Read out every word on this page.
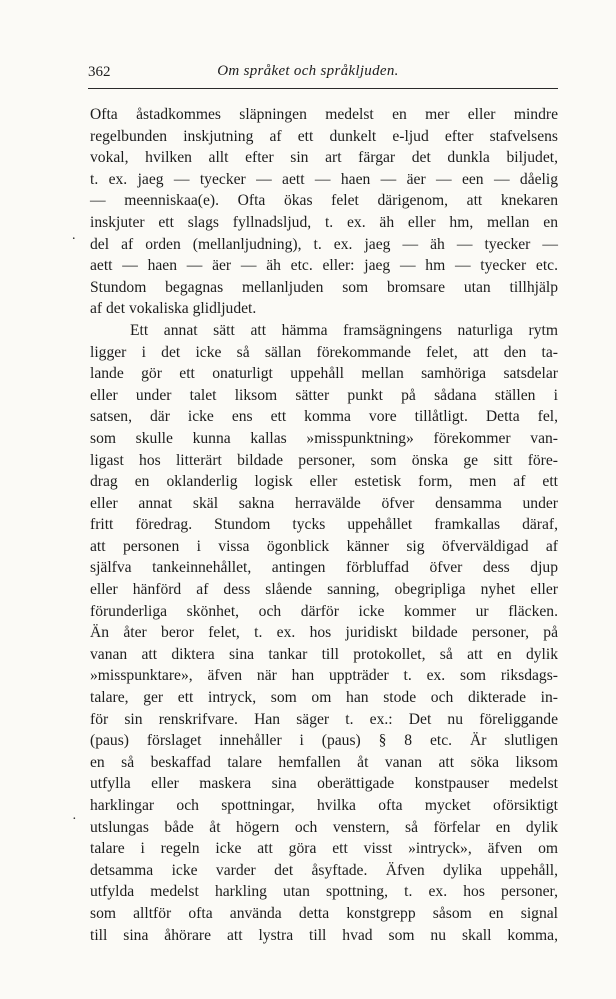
362	Om språket och språkljuden.
.
·
Ofta åstadkommes släpningen medelst en mer eller mindre
regelbunden inskjutning af ett dunkelt e-ljud efter stafvelsens
vokal, hvilken allt efter sin art färgar det dunkla biljudet,
t. ex. jaeg — tyecker — aett — haen — äer — een — dåelig
— meenniskaa(e). Ofta ökas felet därigenom, att knekaren
inskjuter ett slags fyllnadsljud, t. ex. äh eller hm, mellan en
del af orden (mellanljudning), t. ex. jaeg — äh — tyecker —
aett — haen — äer — äh etc. eller: jaeg — hm — tyecker etc.
Stundom begagnas mellanljuden som bromsare utan tillhjälp
af det vokaliska glidljudet.
Ett annat sätt att hämma framsägningens naturliga rytm
ligger i det icke så sällan förekommande felet, att den ta-
lande gör ett onaturligt uppehåll mellan samhöriga satsdelar
eller under talet liksom sätter punkt på sådana ställen i
satsen, där icke ens ett komma vore tillåtligt. Detta fel,
som skulle kunna kallas »misspunktning» förekommer van-
ligast hos litterärt bildade personer, som önska ge sitt före-
drag en oklanderlig logisk eller estetisk form, men af ett
eller annat skäl sakna herravälde öfver densamma under
fritt föredrag. Stundom tycks uppehållet framkallas däraf,
att personen i vissa ögonblick känner sig öfverväldigad af
själfva tankeinnehållet, antingen förbluffad öfver dess djup
eller hänförd af dess slående sanning, obegripliga nyhet eller
förunderliga skönhet, och därför icke kommer ur fläcken.
Än åter beror felet, t. ex. hos juridiskt bildade personer, på
vanan att diktera sina tankar till protokollet, så att en dylik
»misspunktare», äfven när han uppträder t. ex. som riksdags-
talare, ger ett intryck, som om han stode och dikterade in-
för sin renskrifvare. Han säger t. ex.: Det nu föreliggande
(paus) förslaget innehåller i (paus) § 8 etc. Är slutligen
en så beskaffad talare hemfallen åt vanan att söka liksom
utfylla eller maskera sina oberättigade konstpauser medelst
harklingar och spottningar, hvilka ofta mycket oförsiktigt
utslungas både åt högern och venstern, så förfelar en dylik
talare i regeln icke att göra ett visst »intryck», äfven om
detsamma icke varder det åsyftade. Äfven dylika uppehåll,
utfylda medelst harkling utan spottning, t. ex. hos personer,
som alltför ofta använda detta konstgrepp såsom en signal
till sina åhörare att lystra till hvad som nu skall komma,
